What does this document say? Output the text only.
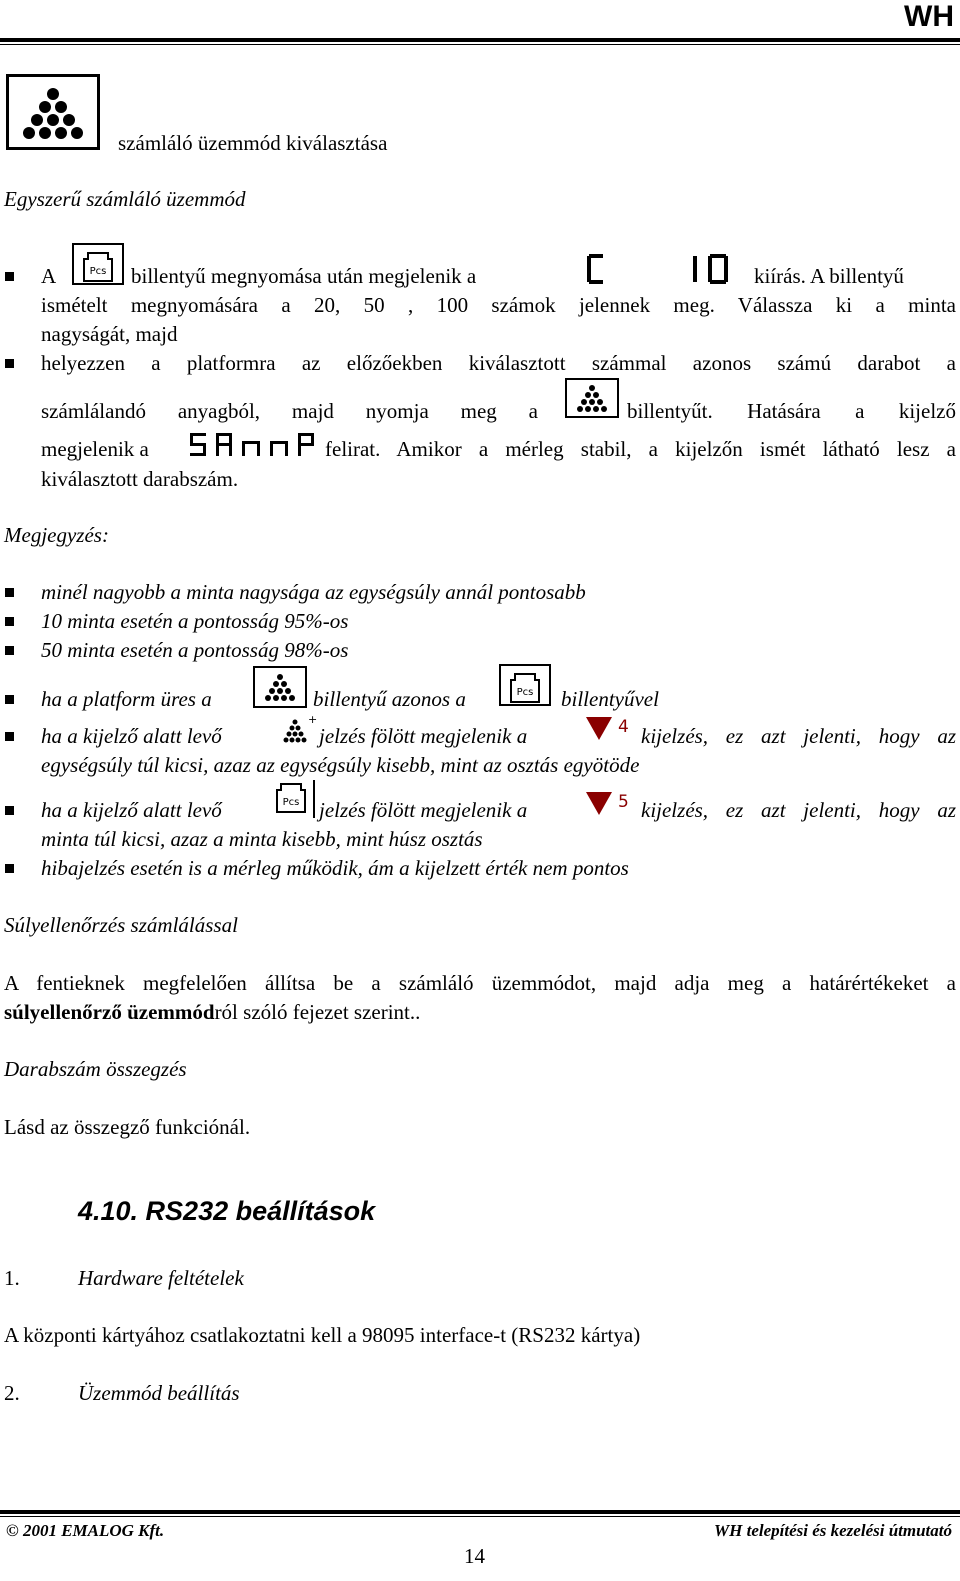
WH
számláló üzemmód kiválasztása
Egyszerű számláló üzemmód
A	Pcs billentyű megnyomása után megjelenik a	kiírás. A billentyű
ismételt megnyomására a 20, 50 , 100 számok jelennek meg. Válassza ki a minta
nagyságát, majd
helyezzen a platformra az előzőekben kiválasztott számmal azonos számú darabot a
számlálandó anyagból, majd nyomja meg a	billentyűt. Hatására a kijelző
megjelenik a	felirat. Amikor a mérleg stabil, a kijelzőn ismét látható lesz a
kiválasztott darabszám.
Megjegyzés:
minél nagyobb a minta nagysága az egységsúly annál pontosabb
10 minta esetén a pontosság 95%-os
50 minta esetén a pontosság 98%-os
ha a platform üres a	billentyű azonos a	Pcs billentyűvel
ha a kijelző alatt levő
+
jelzés fölött megjelenik a	4 kijelzés, ez azt jelenti, hogy az
egységsúly túl kicsi, azaz az egységsúly kisebb, mint az osztás egyötöde
ha a kijelző alatt levő	Pcs jelzés fölött megjelenik a	5 kijelzés, ez azt jelenti, hogy az
minta túl kicsi, azaz a minta kisebb, mint húsz osztás
hibajelzés esetén is a mérleg működik, ám a kijelzett érték nem pontos
Súlyellenőrzés számlálással
A fentieknek megfelelően állítsa be a számláló üzemmódot, majd adja meg a határértékeket a
súlyellenőrző üzemmódról szóló fejezet szerint..
Darabszám összegzés
Lásd az összegző funkciónál.
4.10. RS232 beállítások
1.	Hardware feltételek
A központi kártyához csatlakoztatni kell a 98095 interface-t (RS232 kártya)
2.	Üzemmód beállítás
© 2001 EMALOG Kft.	WH telepítési és kezelési útmutató
14
